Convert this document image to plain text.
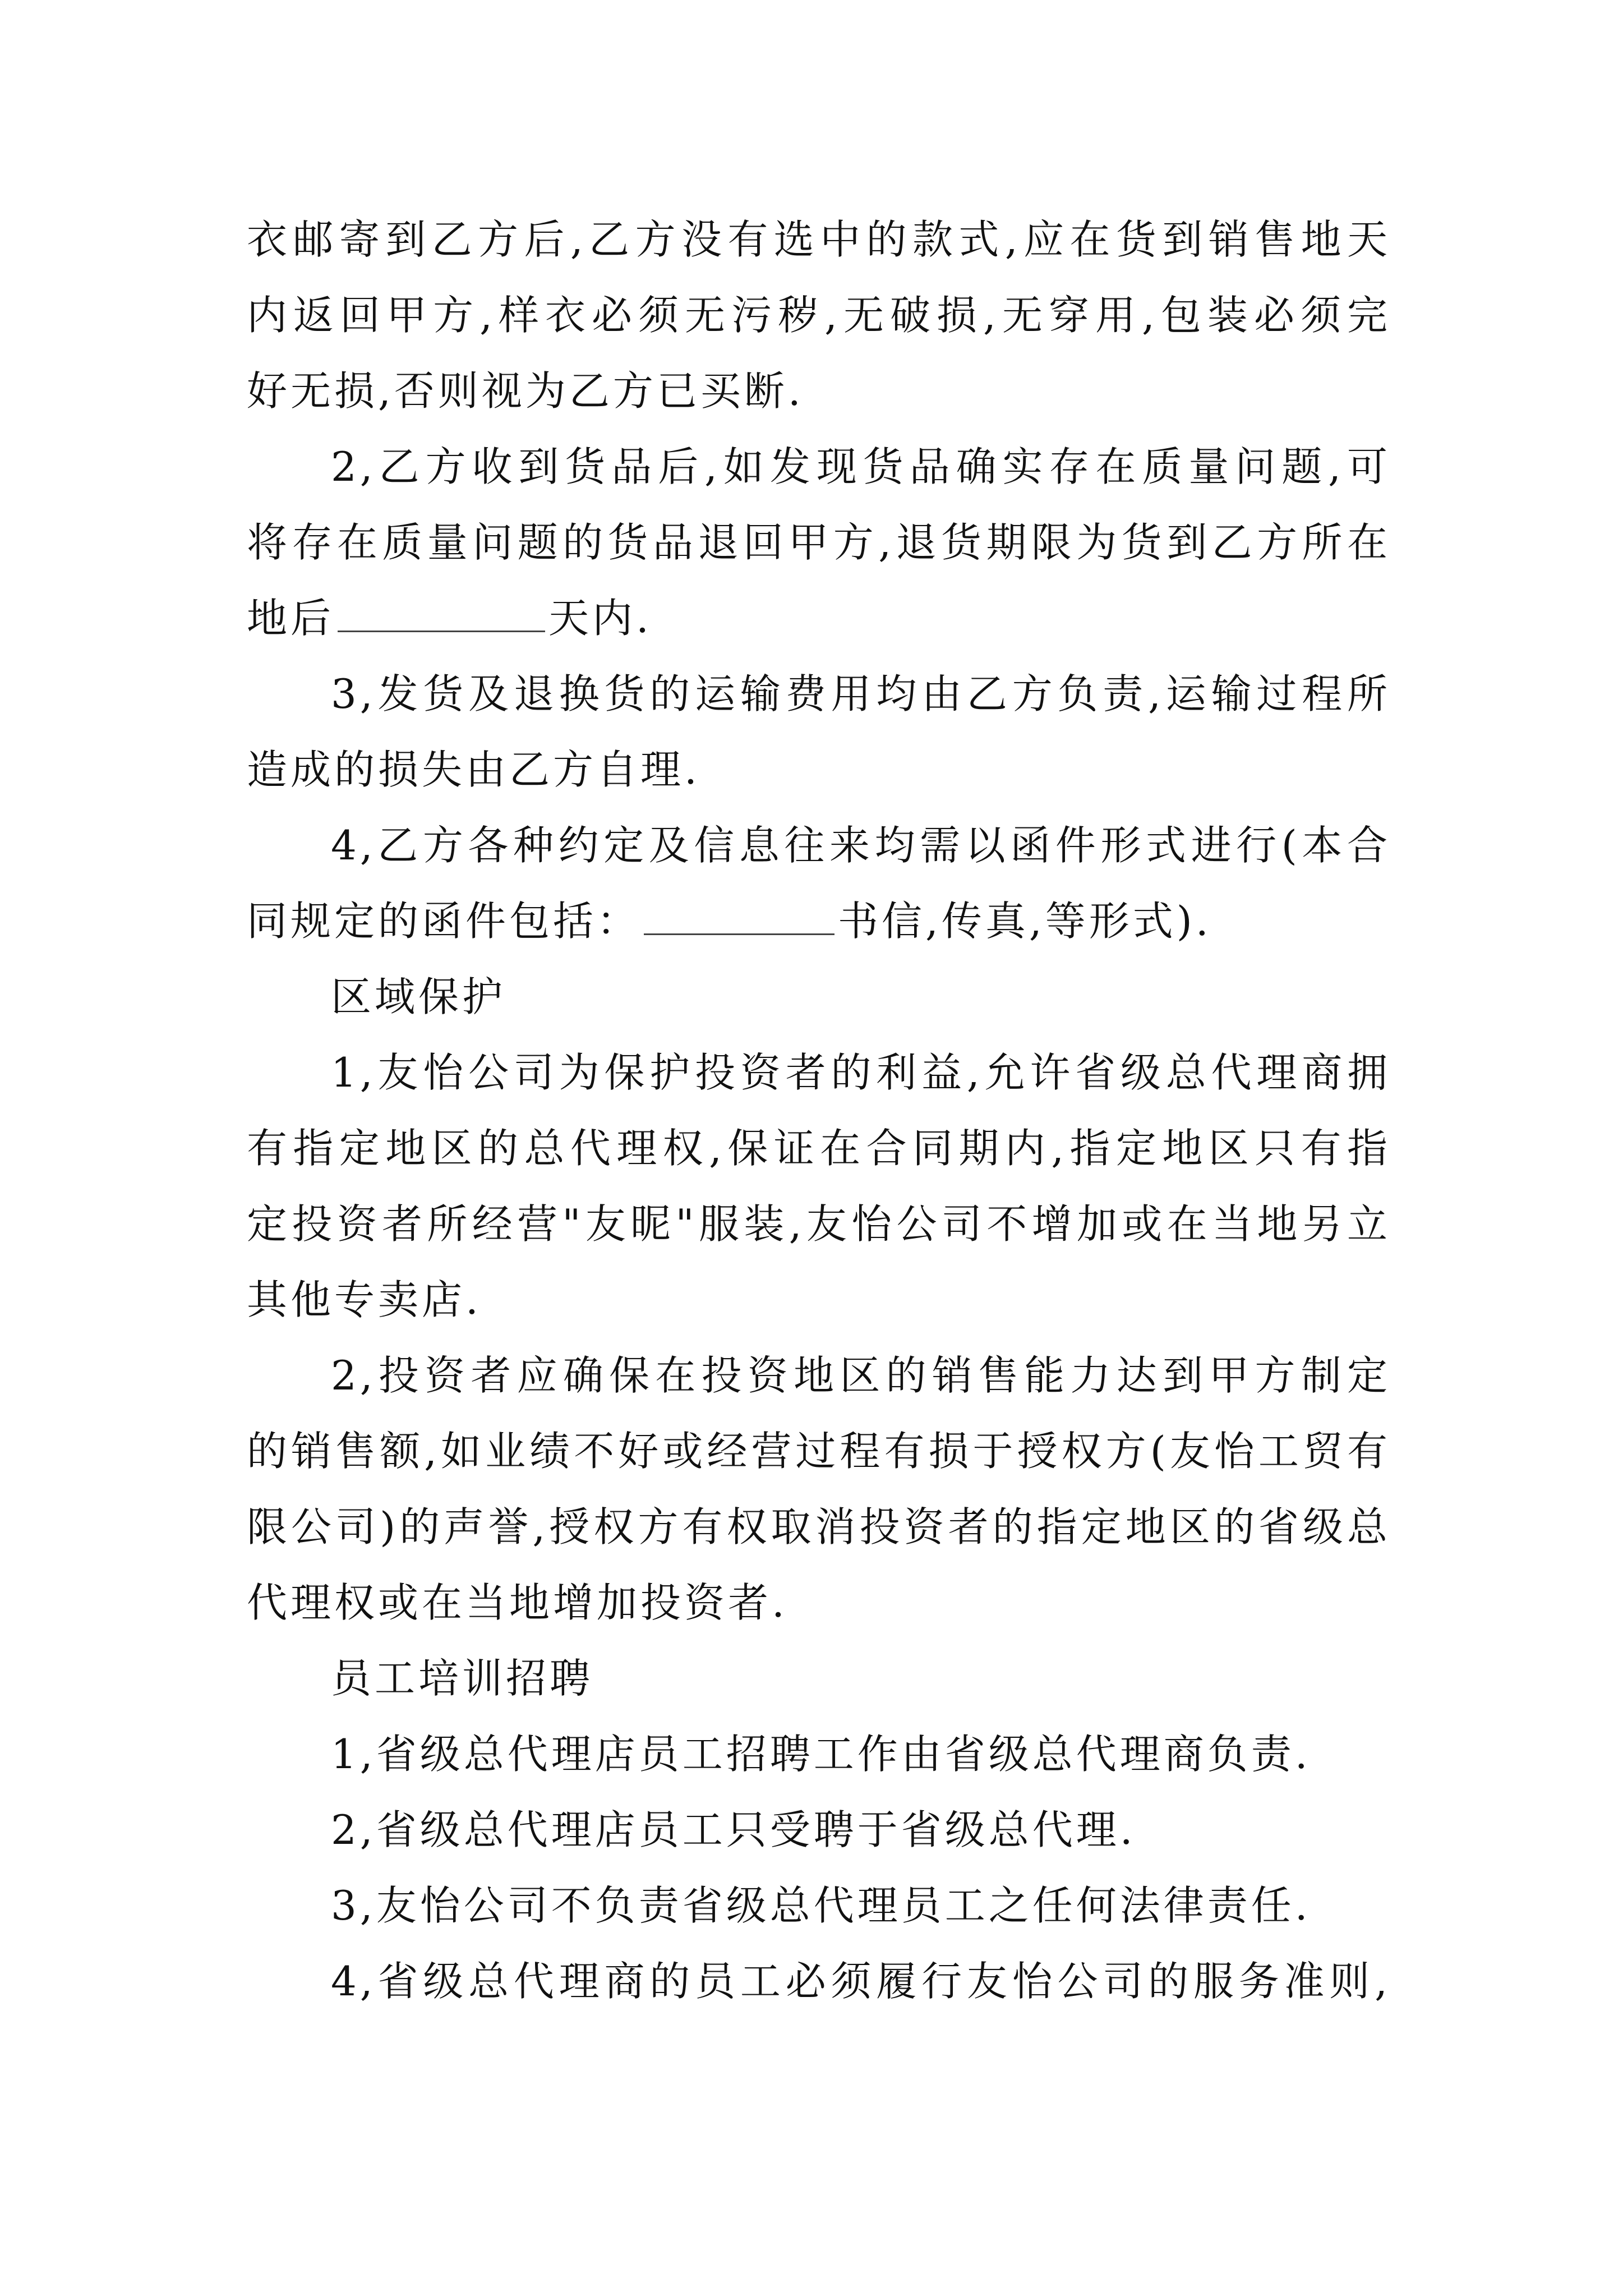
衣邮寄到乙方后,乙方没有选中的款式,应在货到销售地天
内返回甲方,样衣必须无污秽,无破损,无穿用,包装必须完
好无损,否则视为乙方已买断.
2,乙方收到货品后,如发现货品确实存在质量问题,可
将存在质量问题的货品退回甲方,退货期限为货到乙方所在
地后	天内.
3,发货及退换货的运输费用均由乙方负责,运输过程所
造成的损失由乙方自理.
4,乙方各种约定及信息往来均需以函件形式进行(本合
同规定的函件包括：	书信,传真,等形式).
区域保护
1,友怡公司为保护投资者的利益,允许省级总代理商拥
有指定地区的总代理权,保证在合同期内,指定地区只有指
定投资者所经营"友昵"服装,友怡公司不增加或在当地另立
其他专卖店.
2,投资者应确保在投资地区的销售能力达到甲方制定
的销售额,如业绩不好或经营过程有损于授权方(友怡工贸有
限公司)的声誉,授权方有权取消投资者的指定地区的省级总
代理权或在当地增加投资者.
员工培训招聘
1,省级总代理店员工招聘工作由省级总代理商负责.
2,省级总代理店员工只受聘于省级总代理.
3,友怡公司不负责省级总代理员工之任何法律责任.
4,省级总代理商的员工必须履行友怡公司的服务准则,
